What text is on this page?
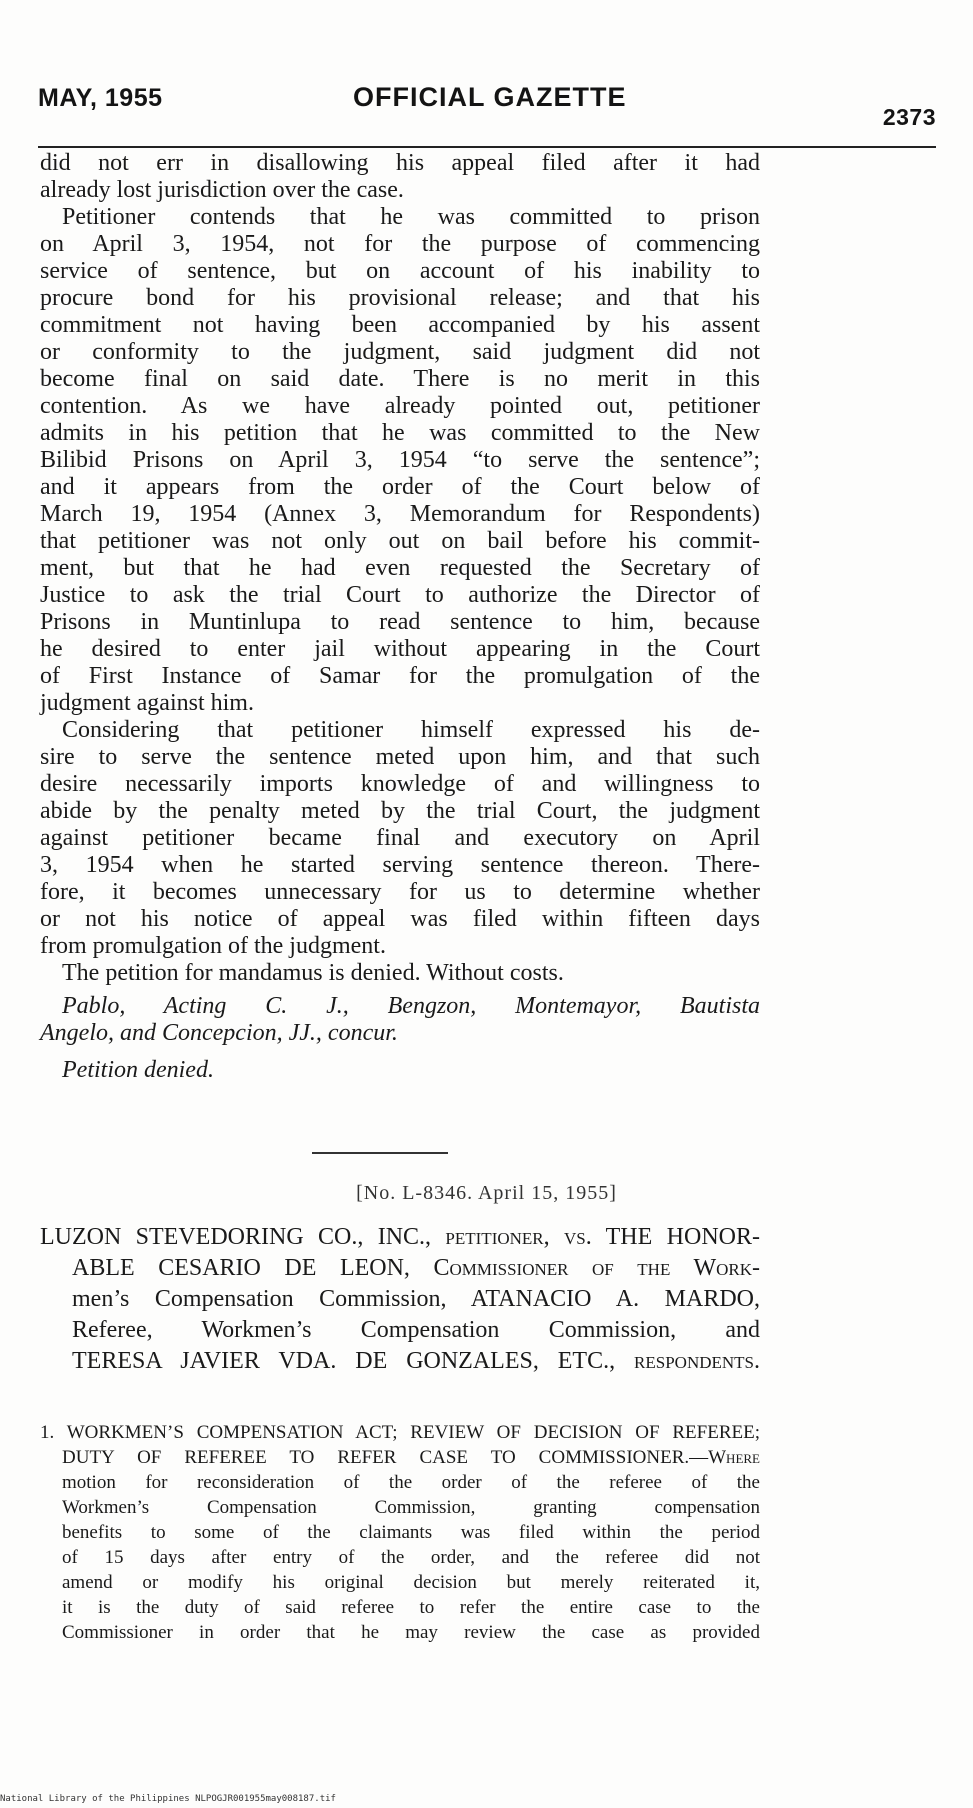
MAY, 1955	OFFICIAL GAZETTE
2373
did not err in disallowing his appeal filed after it had
already lost jurisdiction over the case.
Petitioner contends that he was committed to prison
on April 3, 1954, not for the purpose of commencing
service of sentence, but on account of his inability to
procure bond for his provisional release; and that his
commitment not having been accompanied by his assent
or conformity to the judgment, said judgment did not
become final on said date. There is no merit in this
contention. As we have already pointed out, petitioner
admits in his petition that he was committed to the New
Bilibid Prisons on April 3, 1954 “to serve the sentence”;
and it appears from the order of the Court below of
March 19, 1954 (Annex 3, Memorandum for Respondents)
that petitioner was not only out on bail before his commit-
ment, but that he had even requested the Secretary of
Justice to ask the trial Court to authorize the Director of
Prisons in Muntinlupa to read sentence to him, because
he desired to enter jail without appearing in the Court
of First Instance of Samar for the promulgation of the
judgment against him.
Considering that petitioner himself expressed his de-
sire to serve the sentence meted upon him, and that such
desire necessarily imports knowledge of and willingness to
abide by the penalty meted by the trial Court, the judgment
against petitioner became final and executory on April
3, 1954 when he started serving sentence thereon. There-
fore, it becomes unnecessary for us to determine whether
or not his notice of appeal was filed within fifteen days
from promulgation of the judgment.
The petition for mandamus is denied. Without costs.
Pablo, Acting C. J., Bengzon, Montemayor, Bautista
Angelo, and Concepcion, JJ., concur.
Petition denied.
[No. L-8346. April 15, 1955]
LUZON STEVEDORING CO., INC., petitioner, vs. THE HONOR-
ABLE CESARIO DE LEON, Commissioner of the Work-
men’s Compensation Commission, ATANACIO A. MARDO,
Referee, Workmen’s Compensation Commission, and
TERESA JAVIER VDA. DE GONZALES, ETC., respondents.
1. WORKMEN’S COMPENSATION ACT; REVIEW OF DECISION OF REFEREE;
DUTY OF REFEREE TO REFER CASE TO COMMISSIONER.—Where
motion for reconsideration of the order of the referee of the
Workmen’s Compensation Commission, granting compensation
benefits to some of the claimants was filed within the period
of 15 days after entry of the order, and the referee did not
amend or modify his original decision but merely reiterated it,
it is the duty of said referee to refer the entire case to the
Commissioner in order that he may review the case as provided
National Library of the Philippines NLPOGJR001955may008187.tif
